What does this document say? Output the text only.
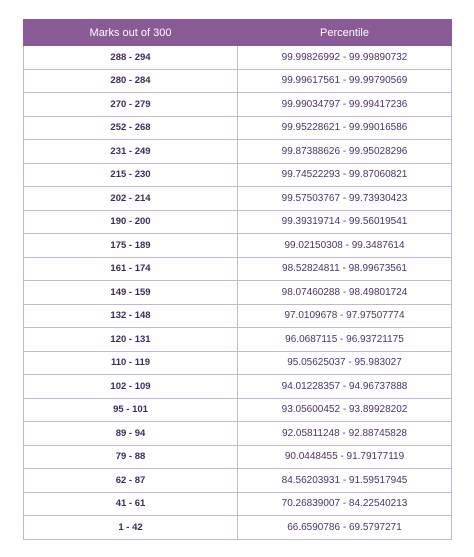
Marks out of 300	Percentile
288 - 294	99.99826992 - 99.99890732
280 - 284	99.99617561 - 99.99790569
270 - 279	99.99034797 - 99.99417236
252 - 268	99.95228621 - 99.99016586
231 - 249	99.87388626 - 99.95028296
215 - 230	99.74522293 - 99.87060821
202 - 214	99.57503767 - 99.73930423
190 - 200	99.39319714 - 99.56019541
175 - 189	99.02150308 - 99.3487614
161 - 174	98.52824811 - 98.99673561
149 - 159	98.07460288 - 98.49801724
132 - 148	97.0109678 - 97.97507774
120 - 131	96.0687115 - 96.93721175
110 - 119	95.05625037 - 95.983027
102 - 109	94.01228357 - 94.96737888
95 - 101	93.05600452 - 93.89928202
89 - 94	92.05811248 - 92.88745828
79 - 88	90.0448455 - 91.79177119
62 - 87	84.56203931 - 91.59517945
41 - 61	70.26839007 - 84.22540213
1 - 42	66.6590786 - 69.5797271
